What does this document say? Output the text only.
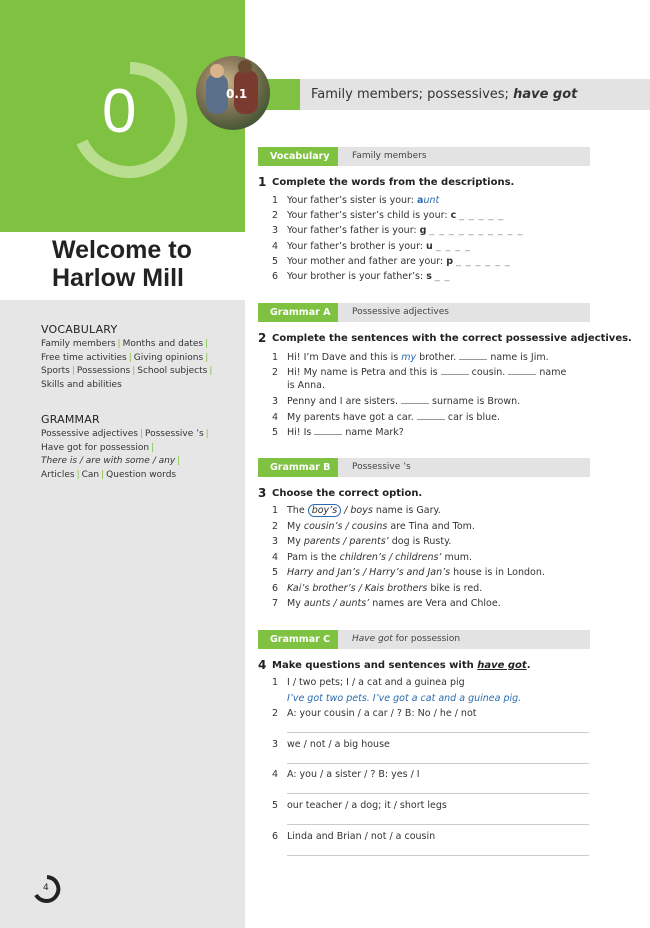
0
Welcome to
Harlow Mill
VOCABULARY
Family members | Months and dates | Free time activities | Giving opinions | Sports | Possessions | School subjects | Skills and abilities
GRAMMAR
Possessive adjectives | Possessive ’s |
Have got for possession |
There is / are with some / any |
Articles | Can | Question words
4
0.1	Family members; possessives; have got
Vocabulary	Family members
1 Complete the words from the descriptions.
1 Your father’s sister is your: aunt
2 Your father’s sister’s child is your: c _ _ _ _ _
3 Your father’s father is your: g _ _ _ _ _ _ _ _ _ _
4 Your father’s brother is your: u _ _ _ _
5 Your mother and father are your: p _ _ _ _ _ _
6 Your brother is your father’s: s _ _
Grammar A	Possessive adjectives
2 Complete the sentences with the correct possessive adjectives.
1 Hi! I’m Dave and this is my brother.	name is Jim.
2 Hi! My name is Petra and this is	cousin.	name
is Anna.
3 Penny and I are sisters.	surname is Brown.
4 My parents have got a car.	car is blue.
5 Hi! Is	name Mark?
Grammar B	Possessive ’s
3 Choose the correct option.
1 The boy’s / boys name is Gary.
2 My cousin’s / cousins are Tina and Tom.
3 My parents / parents’ dog is Rusty.
4 Pam is the children’s / childrens’ mum.
5 Harry and Jan’s / Harry’s and Jan’s house is in London.
6 Kai’s brother’s / Kais brothers bike is red.
7 My aunts / aunts’ names are Vera and Chloe.
Grammar C	Have got for possession
4 Make questions and sentences with have got.
1 I / two pets; I / a cat and a guinea pig
I’ve got two pets. I’ve got a cat and a guinea pig.
2 A: your cousin / a car / ? B: No / he / not
3 we / not / a big house
4 A: you / a sister / ? B: yes / I
5 our teacher / a dog; it / short legs
6 Linda and Brian / not / a cousin
